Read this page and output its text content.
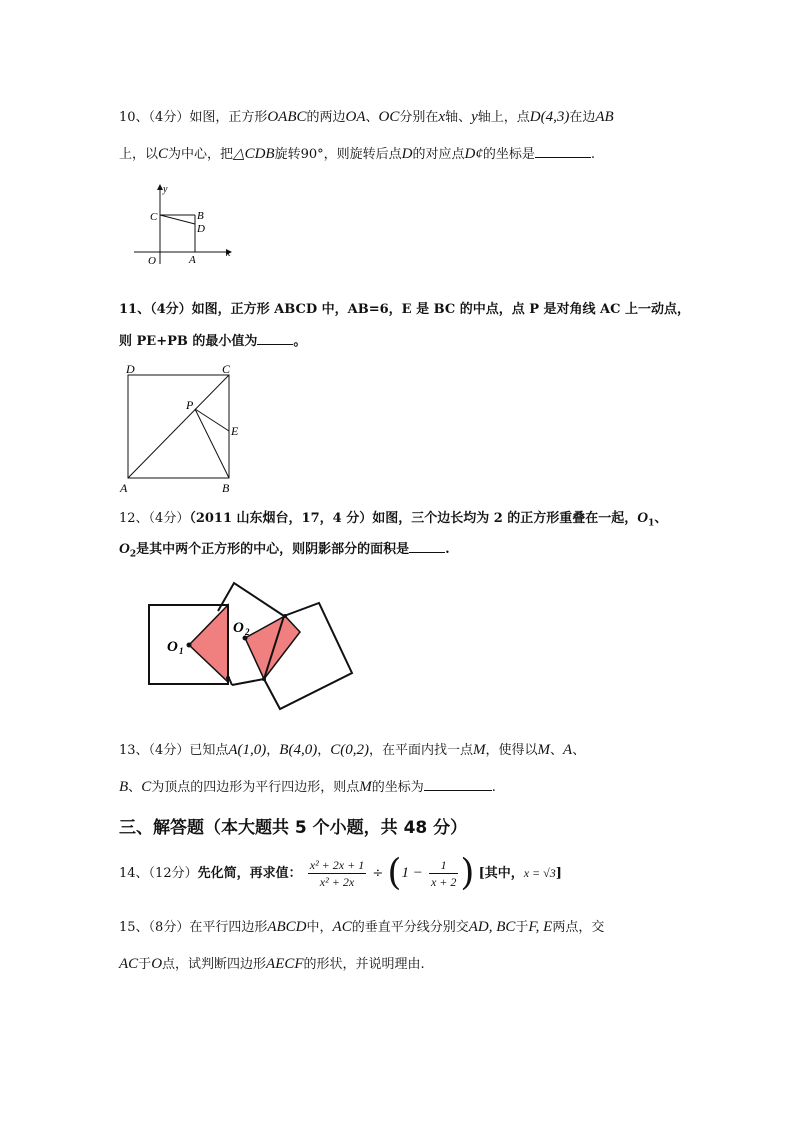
10、（4分）如图，正方形OABC的两边OA、OC分别在x轴、y轴上，点D(4,3)在边AB
上，以C为中心，把△CDB旋转90°，则旋转后点D的对应点D¢的坐标是	.
C	B
D
O	A
x
y
11、（4分）如图，正方形 ABCD 中，AB=6，E 是 BC 的中点，点 P 是对角线 AC 上一动点，
则 PE+PB 的最小值为	。
D	C
P
E
A	B
12、（4分）（2011 山东烟台，17，4 分）如图，三个边长均为 2 的正方形重叠在一起，$O_1$、
$O_2$是其中两个正方形的中心，则阴影部分的面积是	.
O 1
O 2
13、（4分）已知点A(1,0)，B(4,0)，C(0,2)，在平面内找一点M，使得以M、A、
B、C为顶点的四边形为平行四边形，则点M的坐标为	.
三、解答题（本大题共 5 个小题，共 48 分）
14、（12分）先化简，再求值： $\frac{\text{x² + 2x + 1}}{\text{x² + 2x}} \div (1 - \frac{1}{x + 2}$ ) [其中，x = √3]
15、（8分）在平行四边形ABCD中，AC的垂直平分线分别交AD, BC于F, E两点，交
AC于O点，试判断四边形AECF的形状，并说明理由.
